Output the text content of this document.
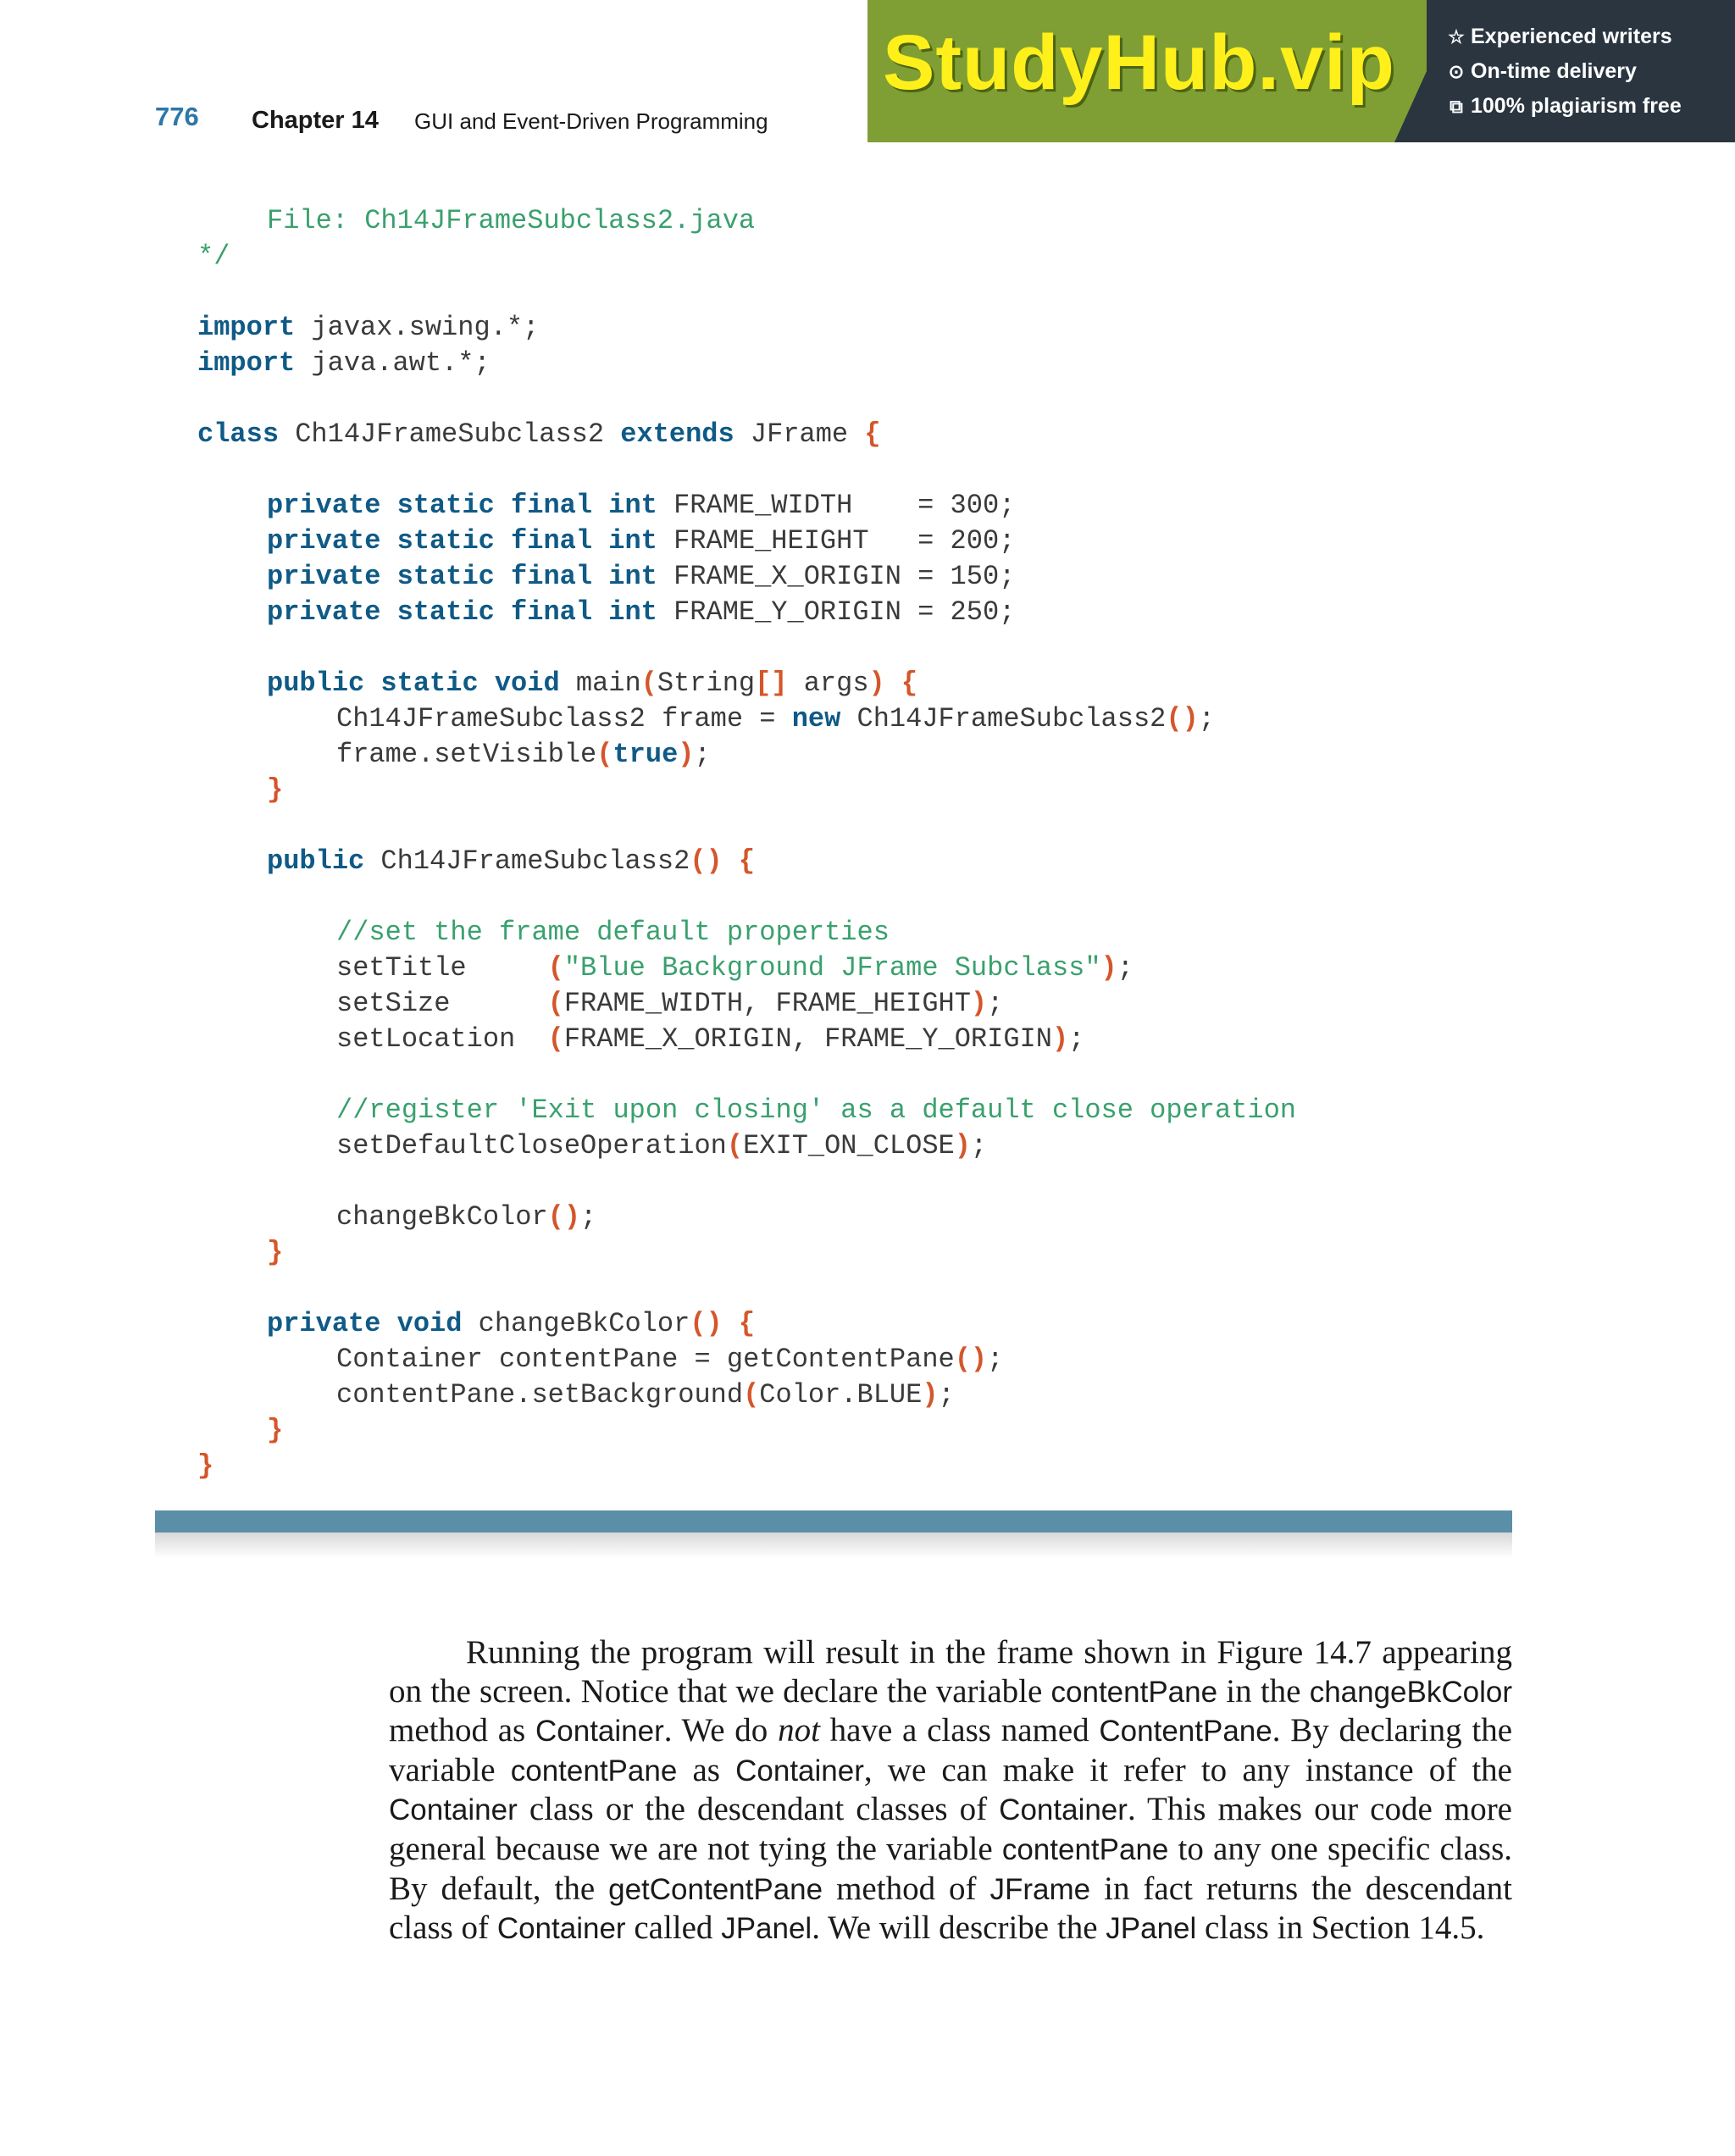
776 Chapter 14 GUI and Event-Driven Programming
StudyHub.vip	☆ Experienced writers
⊙ On-time delivery
⧉ 100% plagiarism free
File: Ch14JFrameSubclass2.java
*/
import javax.swing.*;
import java.awt.*;
class Ch14JFrameSubclass2 extends JFrame {
private static final int FRAME_WIDTH    = 300;
private static final int FRAME_HEIGHT   = 200;
private static final int FRAME_X_ORIGIN = 150;
private static final int FRAME_Y_ORIGIN = 250;
public static void main(String[] args) {
Ch14JFrameSubclass2 frame = new Ch14JFrameSubclass2();
frame.setVisible(true);
}
public Ch14JFrameSubclass2() {
//set the frame default properties
setTitle     ("Blue Background JFrame Subclass");
setSize      (FRAME_WIDTH, FRAME_HEIGHT);
setLocation  (FRAME_X_ORIGIN, FRAME_Y_ORIGIN);
//register 'Exit upon closing' as a default close operation
setDefaultCloseOperation(EXIT_ON_CLOSE);
changeBkColor();
}
private void changeBkColor() {
Container contentPane = getContentPane();
contentPane.setBackground(Color.BLUE);
}
}

Running the program will result in the frame shown in Figure 14.7 appearing on the screen. Notice that we declare the variable contentPane in the changeBkColor method as Container. We do not have a class named ContentPane. By declaring the variable contentPane as Container, we can make it refer to any instance of the Container class or the descendant classes of Container. This makes our code more general because we are not tying the variable contentPane to any one specific class. By default, the getContentPane method of JFrame in fact returns the descendant class of Container called JPanel. We will describe the JPanel class in Section 14.5.
